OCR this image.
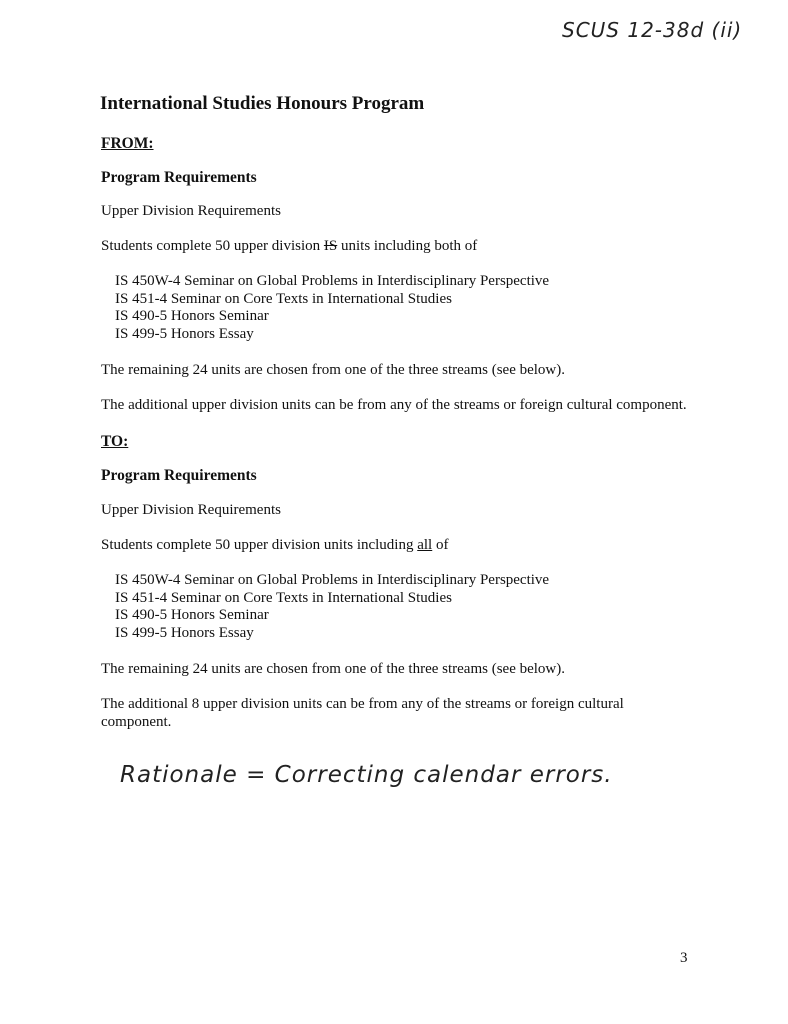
SCUS 12-38d (ii)
International Studies Honours Program
FROM:
Program Requirements
Upper Division Requirements
Students complete 50 upper division IS units including both of
IS 450W-4 Seminar on Global Problems in Interdisciplinary Perspective
IS 451-4 Seminar on Core Texts in International Studies
IS 490-5 Honors Seminar
IS 499-5 Honors Essay
The remaining 24 units are chosen from one of the three streams (see below).
The additional upper division units can be from any of the streams or foreign cultural component.
TO:
Program Requirements
Upper Division Requirements
Students complete 50 upper division units including all of
IS 450W-4 Seminar on Global Problems in Interdisciplinary Perspective
IS 451-4 Seminar on Core Texts in International Studies
IS 490-5 Honors Seminar
IS 499-5 Honors Essay
The remaining 24 units are chosen from one of the three streams (see below).
The additional 8 upper division units can be from any of the streams or foreign cultural
component.
Rationale = Correcting calendar errors.
3
